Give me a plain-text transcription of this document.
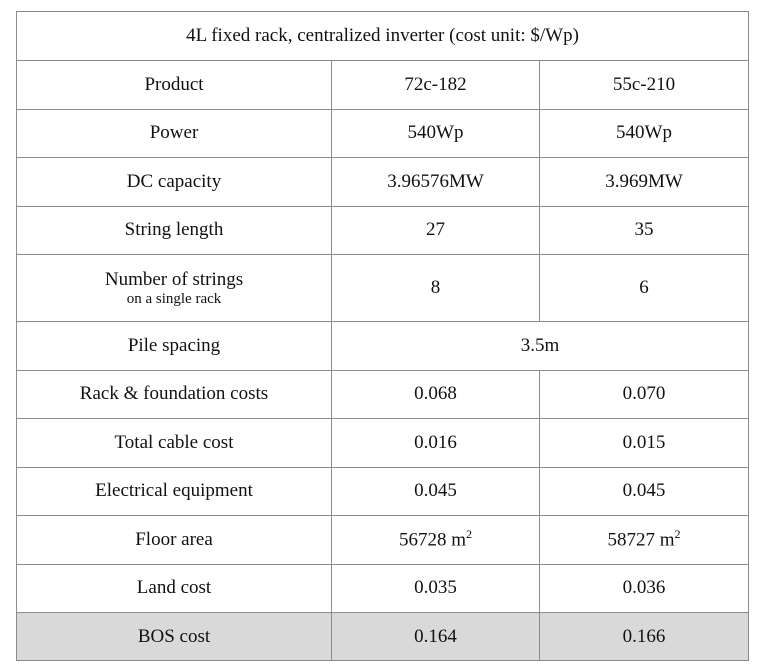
4L fixed rack, centralized inverter (cost unit: $/Wp)		
Product	72c-182	55c-210
Power	540Wp	540Wp
DC capacity	3.96576MW	3.969MW
String length	27	35
Number of strings
on a single rack	8	6
Pile spacing	3.5m	
Rack & foundation costs	0.068	0.070
Total cable cost	0.016	0.015
Electrical equipment	0.045	0.045
Floor area	56728 $m^2$	58727 $m^2$
Land cost	0.035	0.036
BOS cost	0.164	0.166
